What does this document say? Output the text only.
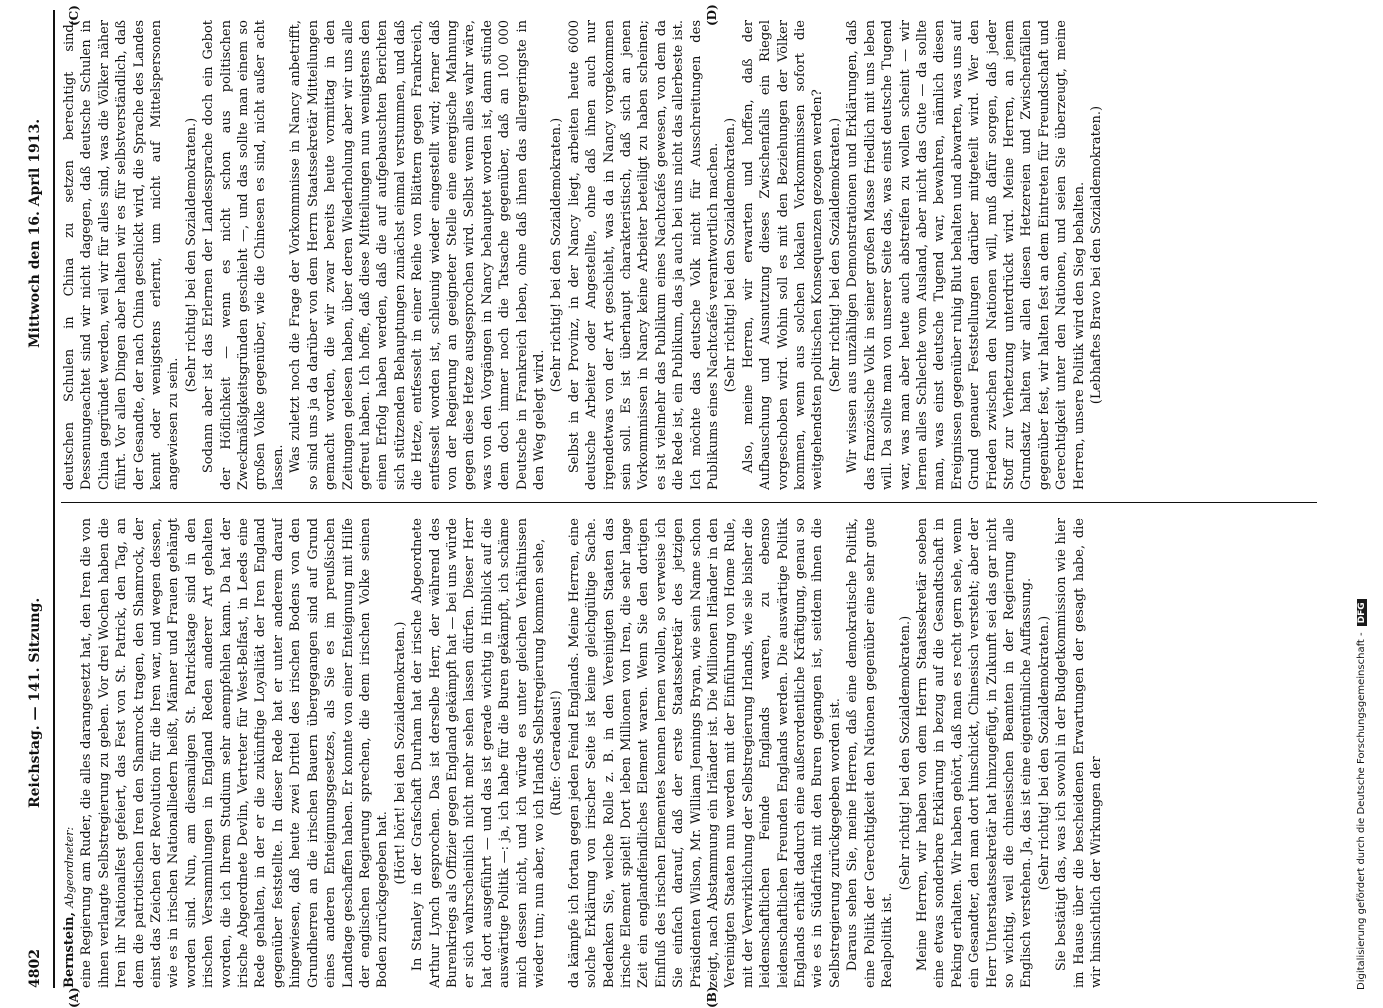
4802
Reichstag. — 141. Sitzung.
Mittwoch den 16. April 1913.

Bernstein, Abgeordneter: eine Regierung am Ruder, die alles darangesetzt hat, den Iren die von ihnen verlangte Selbstregierung zu geben. Vor drei Wochen haben die Iren ihr Nationalfest gefeiert, das Fest von St. Patrick, den Tag, an dem die patriotischen Iren den Shamrock tragen, den Shamrock, der einst das Zeichen der Revolution für die Iren war, und wegen dessen, wie es in irischen Nationalliedern heißt, Männer und Frauen gehängt worden sind. Nun, am diesmaligen St. Patrickstage sind in den irischen Versammlungen in England Reden anderer Art gehalten worden, die ich Ihrem Studium sehr anempfehlen kann. Da hat der irische Abgeordnete Devlin, Vertreter für West-Belfast, in Leeds eine Rede gehalten, in der er die zukünftige Loyalität der Iren England gegenüber feststellte. In dieser Rede hat er unter anderem darauf hingewiesen, daß heute zwei Drittel des irischen Bodens von den Grundherren an die irischen Bauern übergegangen sind auf Grund eines anderen Enteignungsgesetzes, als Sie es im preußischen Landtage geschaffen haben. Er konnte von einer Enteignung mit Hilfe der englischen Regierung sprechen, die dem irischen Volke seinen Boden zurückgegeben hat.

(Hört! hört! bei den Sozialdemokraten.) In Stanley in der Grafschaft Durham hat der irische Abgeordnete Arthur Lynch gesprochen. Das ist derselbe Herr, der während des Burenkriegs als Offizier gegen England gekämpft hat — bei uns würde er sich wahrscheinlich nicht mehr sehen lassen dürfen. Dieser Herr hat dort ausgeführt — und das ist gerade wichtig in Hinblick auf die auswärtige Politik —: ja, ich habe für die Buren gekämpft, ich schäme mich dessen nicht, und ich würde es unter gleichen Verhältnissen wieder tun; nun aber, wo ich Irlands Selbstregierung kommen sehe, (Rufe: Geradeaus!) da kämpfe ich fortan gegen jeden Feind Englands. Meine Herren, eine solche Erklärung von irischer Seite ist keine gleichgültige Sache. Bedenken Sie, welche Rolle z. B. in den Vereinigten Staaten das irische Element spielt! Dort leben Millionen von Iren, die sehr lange Zeit ein englandfeindliches Element waren. Wenn Sie den dortigen Einfluß des irischen Elementes kennen lernen wollen, so verweise ich Sie einfach darauf, daß der erste Staatssekretär des jetzigen Präsidenten Wilson, Mr. William Jennings Bryan, wie sein Name schon zeigt, nach Abstammung ein Irländer ist. Die Millionen Irländer in den Vereinigten Staaten nun werden mit der Einführung von Home Rule, mit der Verwirklichung der Selbstregierung Irlands, wie sie bisher die leidenschaftlichen Feinde Englands waren, zu ebenso leidenschaftlichen Freunden Englands werden. Die auswärtige Politik Englands erhält dadurch eine außerordentliche Kräftigung, genau so wie es in Südafrika mit den Buren gegangen ist, seitdem ihnen die Selbstregierung zurückgegeben worden ist. Daraus sehen Sie, meine Herren, daß eine demokratische Politik, eine Politik der Gerechtigkeit den Nationen gegenüber eine sehr gute Realpolitik ist.

(Sehr richtig! bei den Sozialdemokraten.) Meine Herren, wir haben von dem Herrn Staatssekretär soeben eine etwas sonderbare Erklärung in bezug auf die Gesandtschaft in Peking erhalten. Wir haben gehört, daß man es recht gern sehe, wenn ein Gesandter, den man dort hinschickt, Chinesisch versteht; aber der Herr Unterstaatssekretär hat hinzugefügt, in Zukunft sei das gar nicht so wichtig, weil die chinesischen Beamten in der Regierung alle Englisch verstehen. Ja, das ist eine eigentümliche Auffassung. (Sehr richtig! bei den Sozialdemokraten.) Sie bestätigt das, was ich sowohl in der Budgetkommission wie hier im Hause über die bescheidenen Erwartungen der gesagt habe, die wir hinsichtlich der Wirkungen der

deutschen Schulen in China zu setzen berechtigt sind. Dessenungeachtet sind wir nicht dagegen, daß deutsche Schulen in China gegründet werden, weil wir für alles sind, was die Völker näher führt. Vor allen Dingen aber halten wir es für selbstverständlich, daß der Gesandte, der nach China geschickt wird, die Sprache des Landes kennt oder wenigstens erlernt, um nicht auf Mittelspersonen angewiesen zu sein.

(Sehr richtig! bei den Sozialdemokraten.) Sodann aber ist das Erlernen der Landessprache doch ein Gebot der Höflichkeit — wenn es nicht schon aus politischen Zweckmäßigkeitsgründen geschieht —, und das sollte man einem so großen Volke gegenüber, wie die Chinesen es sind, nicht außer acht lassen. Was zuletzt noch die Frage der Vorkommnisse in Nancy anbetrifft, so sind uns ja da darüber von dem Herrn Staatssekretär Mitteilungen gemacht worden, die wir zwar bereits heute vormittag in den Zeitungen gelesen haben, über deren Wiederholung aber wir uns alle gefreut haben. Ich hoffe, daß diese Mitteilungen nun wenigstens den einen Erfolg haben werden, daß die auf aufgebauschten Berichten sich stützenden Behauptungen zunächst einmal verstummen, und daß die Hetze, entfesselt in einer Reihe von Blättern gegen Frankreich, entfesselt worden ist, schleunig wieder eingestellt wird; ferner daß von der Regierung an geeigneter Stelle eine energische Mahnung gegen diese Hetze ausgesprochen wird. Selbst wenn alles wahr wäre, was von den Vorgängen in Nancy behauptet worden ist, dann stünde dem doch immer noch die Tatsache gegenüber, daß an 100 000 Deutsche in Frankreich leben, ohne daß ihnen das allergeringste in den Weg gelegt wird.

(Sehr richtig! bei den Sozialdemokraten.) Selbst in der Provinz, in der Nancy liegt, arbeiten heute 6000 deutsche Arbeiter oder Angestellte, ohne daß ihnen auch nur irgendetwas von der Art geschieht, was da in Nancy vorgekommen sein soll. Es ist überhaupt charakteristisch, daß sich an jenen Vorkommnissen in Nancy keine Arbeiter beteiligt zu haben scheinen; es ist vielmehr das Publikum eines Nachtcafés gewesen, von dem da die Rede ist, ein Publikum, das ja auch bei uns nicht das allerbeste ist. Ich möchte das deutsche Volk nicht für Ausschreitungen des Publikums eines Nachtcafés verantwortlich machen. (Sehr richtig! bei den Sozialdemokraten.) Also, meine Herren, wir erwarten und hoffen, daß der Aufbauschung und Ausnutzung dieses Zwischenfalls ein Riegel vorgeschoben wird. Wohin soll es mit den Beziehungen der Völker kommen, wenn aus solchen lokalen Vorkommnissen sofort die weitgehendsten politischen Konsequenzen gezogen werden? (Sehr richtig! bei den Sozialdemokraten.) Wir wissen aus unzähligen Demonstrationen und Erklärungen, daß das französische Volk in seiner großen Masse friedlich mit uns leben will. Da sollte man von unserer Seite das, was einst deutsche Tugend war, was man aber heute auch abstreifen zu wollen scheint — wir lernen alles Schlechte vom Ausland, aber nicht das Gute — da sollte man, was einst deutsche Tugend war, bewahren, nämlich diesen Ereignissen gegenüber ruhig Blut behalten und abwarten, was uns auf Grund genauer Feststellungen darüber mitgeteilt wird. Wer den Frieden zwischen den Nationen will, muß dafür sorgen, daß jeder Stoff zur Verhetzung unterdrückt wird. Meine Herren, an jenem Grundsatz halten wir allen diesen Hetzereien und Zwischenfällen gegenüber fest, wir halten fest an dem Eintreten für Freundschaft und Gerechtigkeit unter den Nationen, und seien Sie überzeugt, meine Herren, unsere Politik wird den Sieg behalten. (Lebhaftes Bravo bei den Sozialdemokraten.)

(A)	(B)
(C)	(D)
Digitalisierung gefördert durch die Deutsche Forschungsgemeinschaft -DFG
